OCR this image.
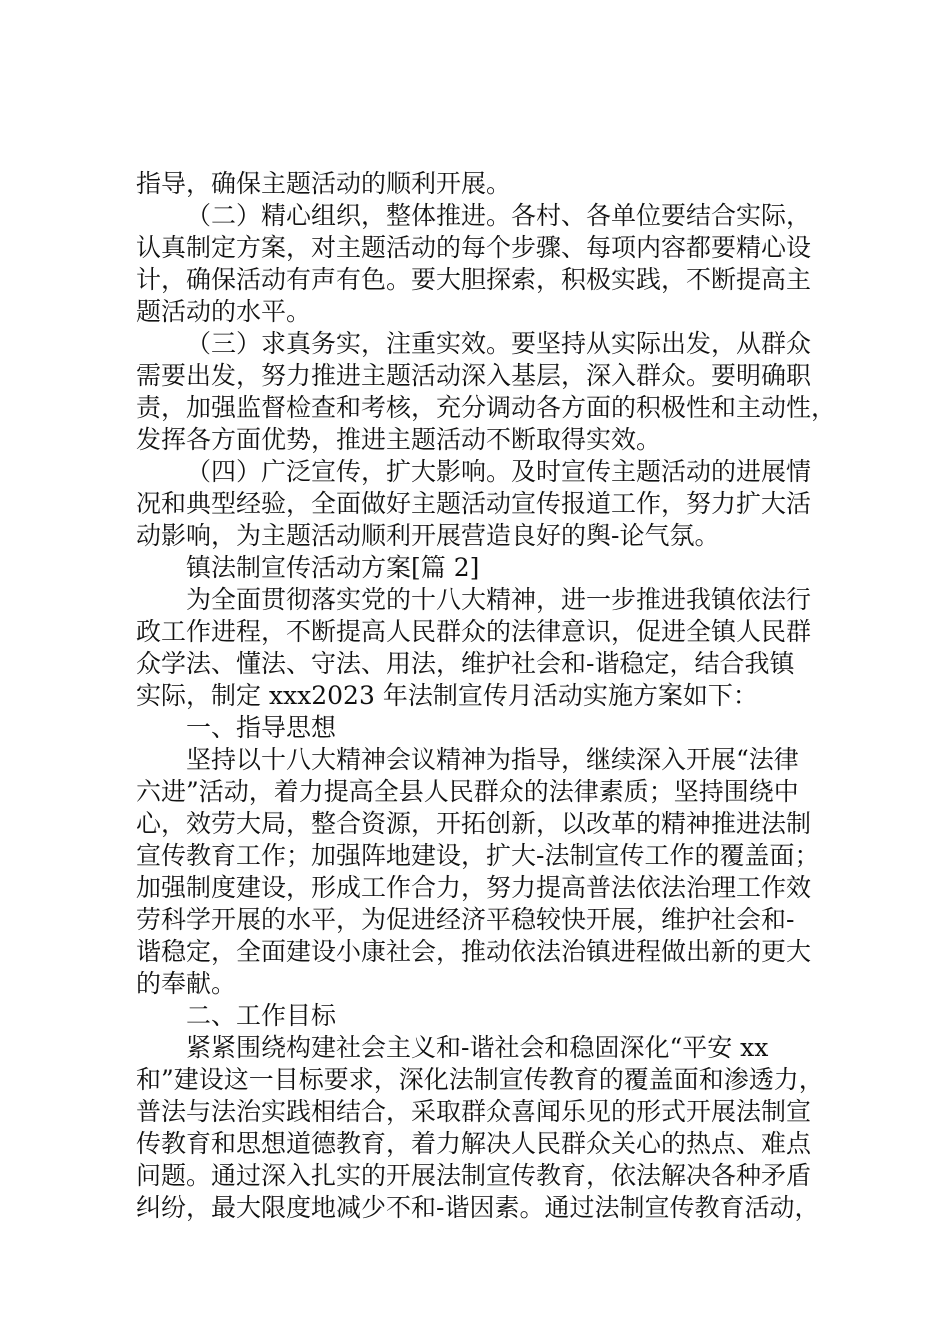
指导，确保主题活动的顺利开展。
（二）精心组织，整体推进。各村、各单位要结合实际，
认真制定方案，对主题活动的每个步骤、每项内容都要精心设
计，确保活动有声有色。要大胆探索，积极实践，不断提高主
题活动的水平。
（三）求真务实，注重实效。要坚持从实际出发，从群众
需要出发，努力推进主题活动深入基层，深入群众。要明确职
责，加强监督检查和考核，充分调动各方面的积极性和主动性，
发挥各方面优势，推进主题活动不断取得实效。
（四）广泛宣传，扩大影响。及时宣传主题活动的进展情
况和典型经验，全面做好主题活动宣传报道工作，努力扩大活
动影响，为主题活动顺利开展营造良好的舆-论气氛。
镇法制宣传活动方案[篇 2]
为全面贯彻落实党的十八大精神，进一步推进我镇依法行
政工作进程，不断提高人民群众的法律意识，促进全镇人民群
众学法、懂法、守法、用法，维护社会和-谐稳定，结合我镇
实际，制定 xxx2023 年法制宣传月活动实施方案如下：
一、指导思想
坚持以十八大精神会议精神为指导，继续深入开展“法律
六进”活动，着力提高全县人民群众的法律素质；坚持围绕中
心，效劳大局，整合资源，开拓创新，以改革的精神推进法制
宣传教育工作；加强阵地建设，扩大-法制宣传工作的覆盖面；
加强制度建设，形成工作合力，努力提高普法依法治理工作效
劳科学开展的水平，为促进经济平稳较快开展，维护社会和-
谐稳定，全面建设小康社会，推动依法治镇进程做出新的更大
的奉献。
二、工作目标
紧紧围绕构建社会主义和-谐社会和稳固深化“平安 xx
和”建设这一目标要求，深化法制宣传教育的覆盖面和渗透力，
普法与法治实践相结合，采取群众喜闻乐见的形式开展法制宣
传教育和思想道德教育，着力解决人民群众关心的热点、难点
问题。通过深入扎实的开展法制宣传教育，依法解决各种矛盾
纠纷，最大限度地减少不和-谐因素。通过法制宣传教育活动，
